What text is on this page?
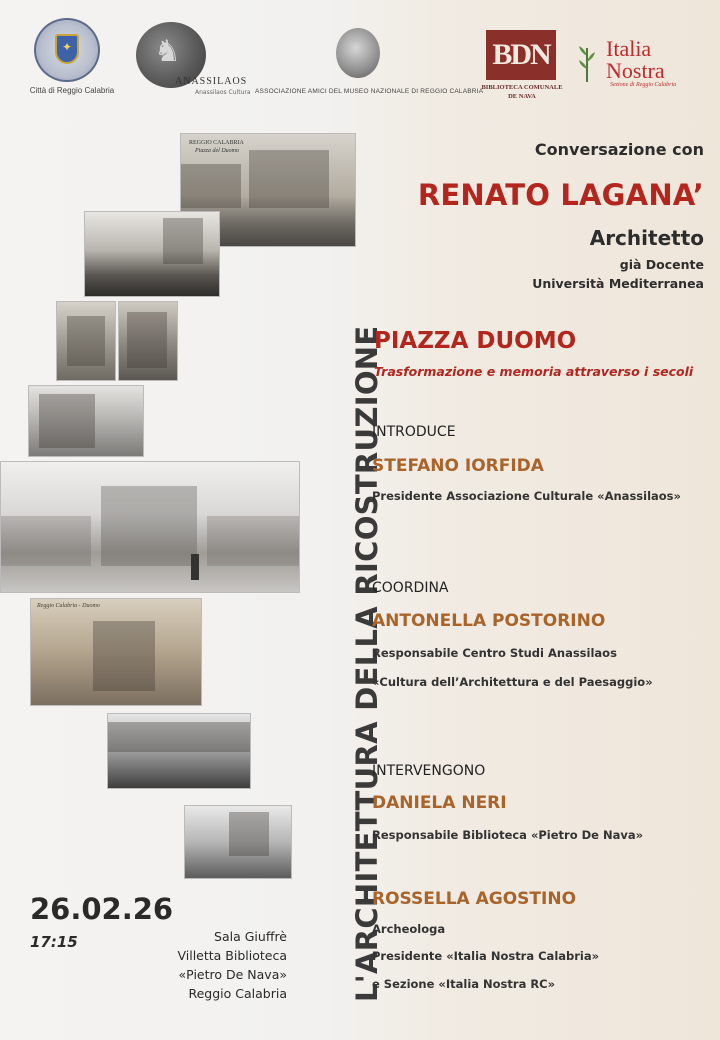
✦
Città di Reggio Calabria
♞
ANASSILAOS
Anassilaos Cultura ASSOCIAZIONE AMICI DEL MUSEO NAZIONALE DI REGGIO CALABRIA
BDN
BIBLIOTECA COMUNALE
DE NAVA
Italia
Nostra
Sezione di Reggio Calabria
REGGIO CALABRIA
Piazza del Duomo
Reggio Calabria - Duomo	L'ARCHITETTURA DELLA RICOSTRUZIONE
Conversazione con
RENATO LAGANA’
Architetto
già Docente
Università Mediterranea
PIAZZA DUOMO
Trasformazione e memoria attraverso i secoli
INTRODUCE
STEFANO IORFIDA
Presidente Associazione Culturale «Anassilaos»
COORDINA
ANTONELLA POSTORINO
Responsabile Centro Studi Anassilaos
«Cultura dell’Architettura e del Paesaggio»
INTERVENGONO
DANIELA NERI
Responsabile Biblioteca «Pietro De Nava»
ROSSELLA AGOSTINO
Archeologa
Presidente «Italia Nostra Calabria»
e Sezione «Italia Nostra RC»
26.02.26
17:15	Sala Giuffrè
Villetta Biblioteca
«Pietro De Nava»
Reggio Calabria
